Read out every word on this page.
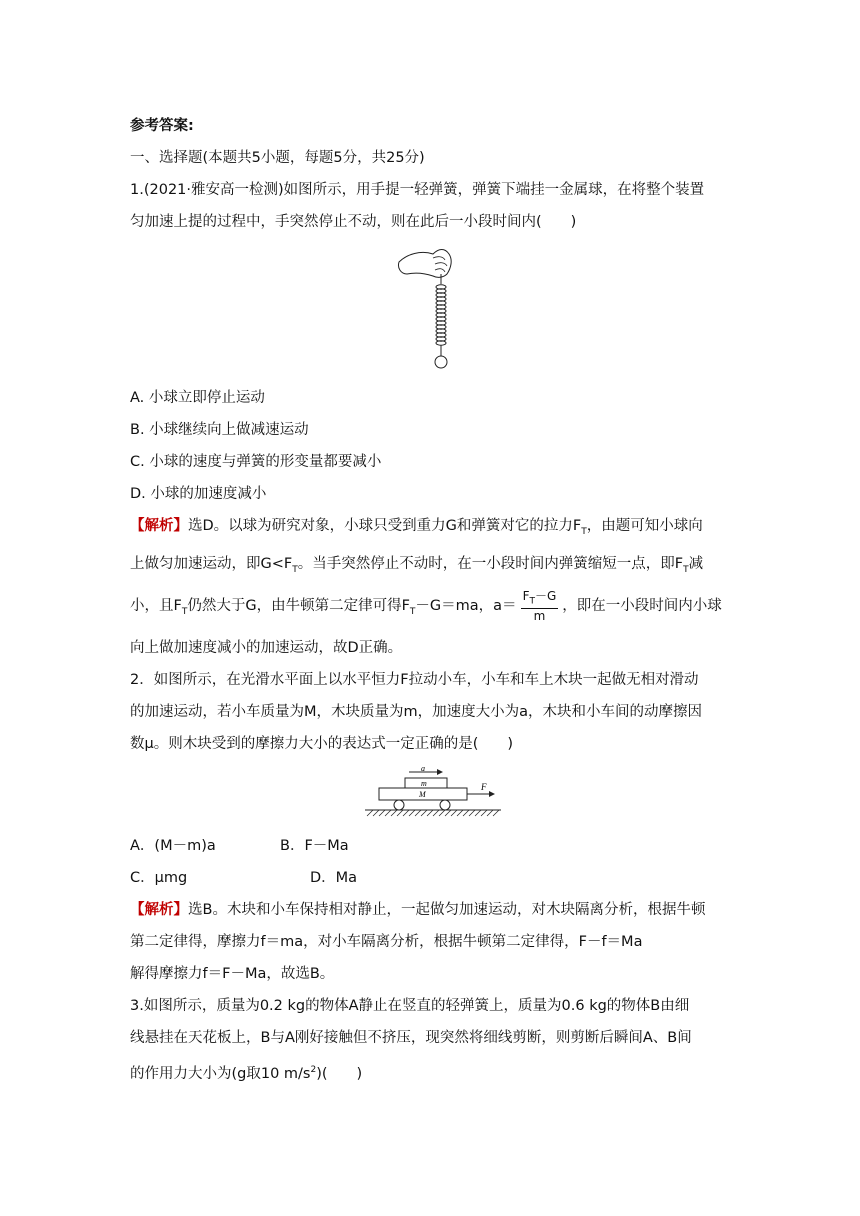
参考答案:
一、选择题(本题共5小题，每题5分，共25分)
1.(2021·雅安高一检测)如图所示，用手提一轻弹簧，弹簧下端挂一金属球，在将整个装置
匀加速上提的过程中，手突然停止不动，则在此后一小段时间内(　　)
A. 小球立即停止运动
B. 小球继续向上做减速运动
C. 小球的速度与弹簧的形变量都要减小
D. 小球的加速度减小
【解析】选D。以球为研究对象，小球只受到重力G和弹簧对它的拉力$F_T$，由题可知小球向
上做匀加速运动，即$G<F_T$。当手突然停止不动时，在一小段时间内弹簧缩短一点，即$F_T$减
小，且$F_T$仍然大于G，由牛顿第二定律可得$F_T-G=ma$，$a= \frac{F_T-G}{m}$ ，即在一小段时间内小球
向上做加速度减小的加速运动，故D正确。
2．如图所示，在光滑水平面上以水平恒力F拉动小车，小车和车上木块一起做无相对滑动
的加速运动，若小车质量为M，木块质量为m，加速度大小为a，木块和小车间的动摩擦因
数μ。则木块受到的摩擦力大小的表达式一定正确的是(　　)
a
m
M
F
A．(M－m)a	B．F－Ma
C．μmg	D．Ma
【解析】选B。木块和小车保持相对静止，一起做匀加速运动，对木块隔离分析，根据牛顿
第二定律得，摩擦力f＝ma，对小车隔离分析，根据牛顿第二定律得，F－f＝Ma
解得摩擦力f＝F－Ma，故选B。
3.如图所示，质量为0.2 kg的物体A静止在竖直的轻弹簧上，质量为0.6 kg的物体B由细
线悬挂在天花板上，B与A刚好接触但不挤压，现突然将细线剪断，则剪断后瞬间A、B间
的作用力大小为(g取10 $m/s^2$)(　　)
